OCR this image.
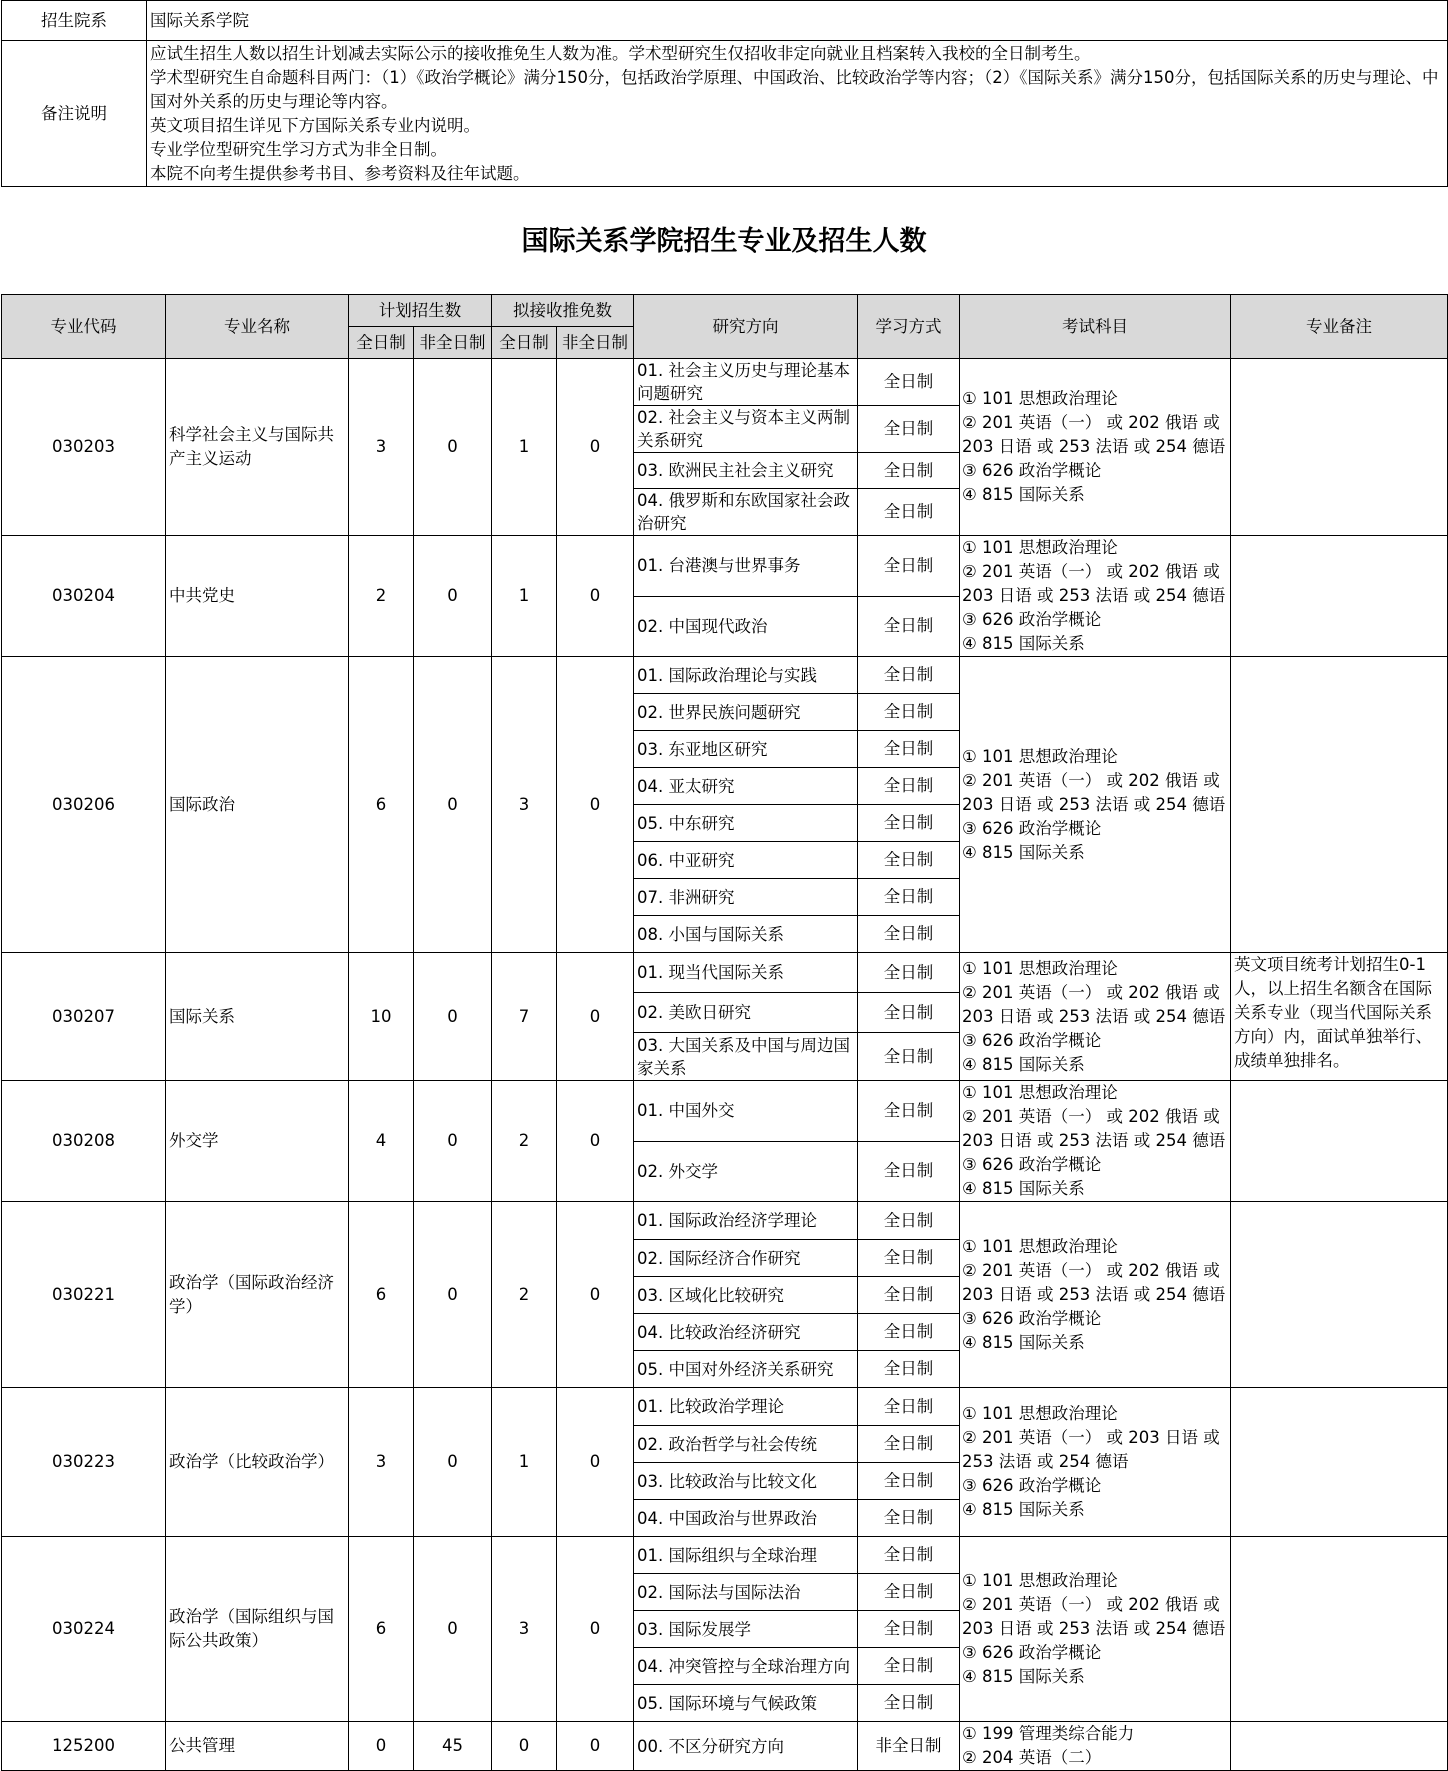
招生院系	国际关系学院
备注说明	应试生招生人数以招生计划减去实际公示的接收推免生人数为准。学术型研究生仅招收非定向就业且档案转入我校的全日制考生。
学术型研究生自命题科目两门：（1）《政治学概论》满分150分，包括政治学原理、中国政治、比较政治学等内容；（2）《国际关系》满分150分，包括国际关系的历史与理论、中国对外关系的历史与理论等内容。
英文项目招生详见下方国际关系专业内说明。
专业学位型研究生学习方式为非全日制。
本院不向考生提供参考书目、参考资料及往年试题。
国际关系学院招生专业及招生人数
专业代码	专业名称	计划招生数		拟接收推免数		研究方向	学习方式	考试科目	专业备注
		全日制	非全日制	全日制	非全日制				
030203	科学社会主义与国际共产主义运动	3	0	1	0	01. 社会主义历史与理论基本问题研究	全日制	① 101 思想政治理论
② 201 英语（一） 或 202 俄语 或
203 日语 或 253 法语 或 254 德语
③ 626 政治学概论
④ 815 国际关系	

						02. 社会主义与资本主义两制关系研究	全日制		
						03. 欧洲民主社会主义研究	全日制		
						04. 俄罗斯和东欧国家社会政治研究	全日制		
030204	中共党史	2	0	1	0	01. 台港澳与世界事务	全日制	① 101 思想政治理论
② 201 英语（一） 或 202 俄语 或
203 日语 或 253 法语 或 254 德语
③ 626 政治学概论
④ 815 国际关系	

						02. 中国现代政治	全日制		
030206	国际政治	6	0	3	0	01. 国际政治理论与实践	全日制	① 101 思想政治理论
② 201 英语（一） 或 202 俄语 或
203 日语 或 253 法语 或 254 德语
③ 626 政治学概论
④ 815 国际关系	

						02. 世界民族问题研究	全日制		
						03. 东亚地区研究	全日制		
						04. 亚太研究	全日制		
						05. 中东研究	全日制		
						06. 中亚研究	全日制		
						07. 非洲研究	全日制		
						08. 小国与国际关系	全日制		
030207	国际关系	10	0	7	0	01. 现当代国际关系	全日制	① 101 思想政治理论
② 201 英语（一） 或 202 俄语 或
203 日语 或 253 法语 或 254 德语
③ 626 政治学概论
④ 815 国际关系	英文项目统考计划招生0-1人，以上招生名额含在国际关系专业（现当代国际关系方向）内，面试单独举行、成绩单独排名。
						02. 美欧日研究	全日制		
						03. 大国关系及中国与周边国家关系	全日制		
030208	外交学	4	0	2	0	01. 中国外交	全日制	① 101 思想政治理论
② 201 英语（一） 或 202 俄语 或
203 日语 或 253 法语 或 254 德语
③ 626 政治学概论
④ 815 国际关系	

						02. 外交学	全日制		
030221	政治学（国际政治经济学）	6	0	2	0	01. 国际政治经济学理论	全日制	① 101 思想政治理论
② 201 英语（一） 或 202 俄语 或
203 日语 或 253 法语 或 254 德语
③ 626 政治学概论
④ 815 国际关系	

						02. 国际经济合作研究	全日制		
						03. 区域化比较研究	全日制		
						04. 比较政治经济研究	全日制		
						05. 中国对外经济关系研究	全日制		
030223	政治学（比较政治学）	3	0	1	0	01. 比较政治学理论	全日制	① 101 思想政治理论
② 201 英语（一） 或 203 日语 或
253 法语 或 254 德语
③ 626 政治学概论
④ 815 国际关系	

						02. 政治哲学与社会传统	全日制		
						03. 比较政治与比较文化	全日制		
						04. 中国政治与世界政治	全日制		
030224	政治学（国际组织与国际公共政策）	6	0	3	0	01. 国际组织与全球治理	全日制	① 101 思想政治理论
② 201 英语（一） 或 202 俄语 或
203 日语 或 253 法语 或 254 德语
③ 626 政治学概论
④ 815 国际关系	

						02. 国际法与国际法治	全日制		
						03. 国际发展学	全日制		
						04. 冲突管控与全球治理方向	全日制		
						05. 国际环境与气候政策	全日制		
125200	公共管理	0	45	0	0	00. 不区分研究方向	非全日制	① 199 管理类综合能力
② 204 英语（二）	
